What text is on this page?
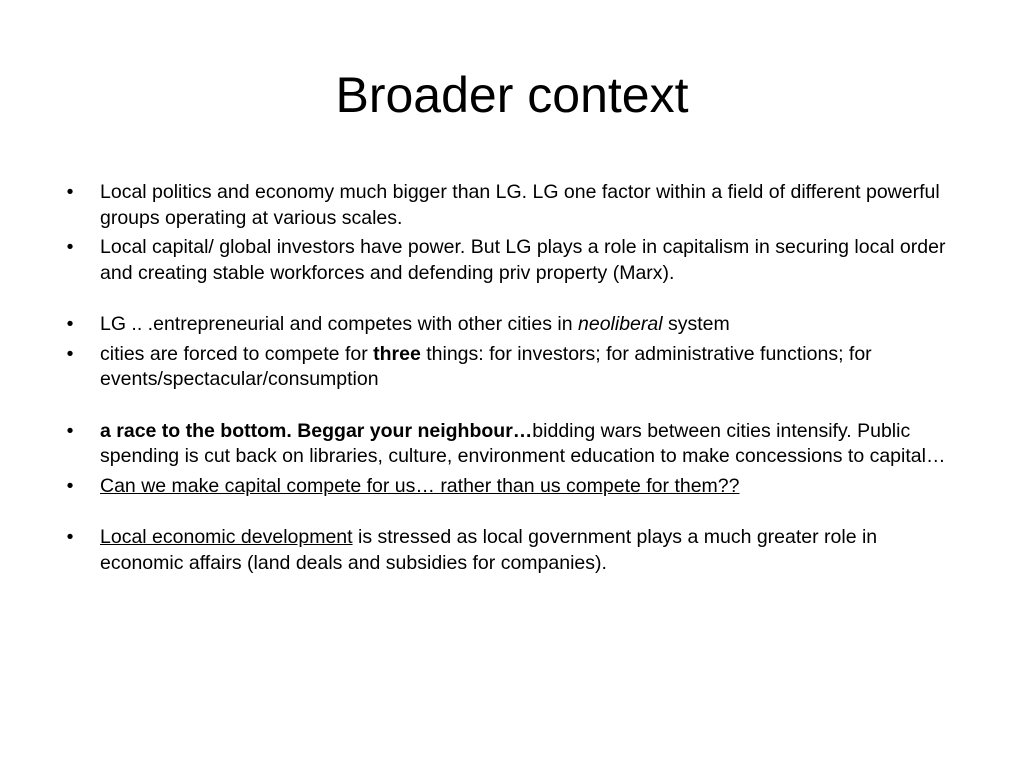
Broader context
•	Local politics and economy much bigger than LG. LG one factor within a field of different powerful groups operating at various scales.
•	Local capital/ global investors have power. But LG plays a role in capitalism in securing local order and creating stable workforces and defending priv property (Marx).
•	LG .. .entrepreneurial and competes with other cities in neoliberal system
•	cities are forced to compete for three things: for investors; for administrative functions; for events/spectacular/consumption
•	a race to the bottom. Beggar your neighbour…bidding wars between cities intensify. Public spending is cut back on libraries, culture, environment education to make concessions to capital…
•	Can we make capital compete for us… rather than us compete for them??
•	Local economic development is stressed as local government plays a much greater role in economic affairs (land deals and subsidies for companies).
